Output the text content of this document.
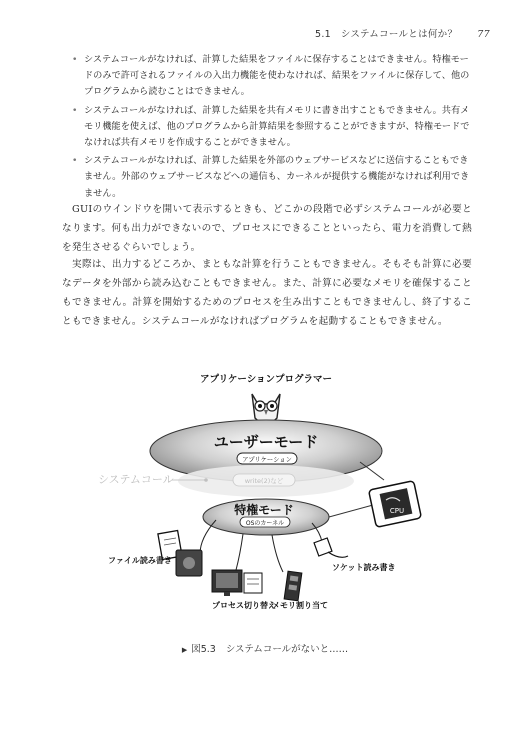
5.1　システムコールとは何か？ 77
• システムコールがなければ、計算した結果をファイルに保存することはできません。特権モードのみで許可されるファイルの入出力機能を使わなければ、結果をファイルに保存して、他のプログラムから読むことはできません。
• システムコールがなければ、計算した結果を共有メモリに書き出すこともできません。共有メモリ機能を使えば、他のプログラムから計算結果を参照することができますが、特権モードでなければ共有メモリを作成することができません。
• システムコールがなければ、計算した結果を外部のウェブサービスなどに送信することもできません。外部のウェブサービスなどへの通信も、カーネルが提供する機能がなければ利用できません。

GUIのウインドウを開いて表示するときも、どこかの段階で必ずシステムコールが必要となります。何も出力ができないので、プロセスにできることといったら、電力を消費して熱を発生させるぐらいでしょう。

実際は、出力するどころか、まともな計算を行うこともできません。そもそも計算に必要なデータを外部から読み込むこともできません。また、計算に必要なメモリを確保することもできません。計算を開始するためのプロセスを生み出すこともできませんし、終了することもできません。システムコールがなければプログラムを起動することもできません。

アプリケーションプログラマー
ユーザーモード
アプリケーション
write(2)など
システムコール
特権モード
OSのカーネル
CPU
ファイル読み書き
プロセス切り替え
メモリ割り当て
ソケット読み書き
▶ 図5.3 システムコールがないと……
